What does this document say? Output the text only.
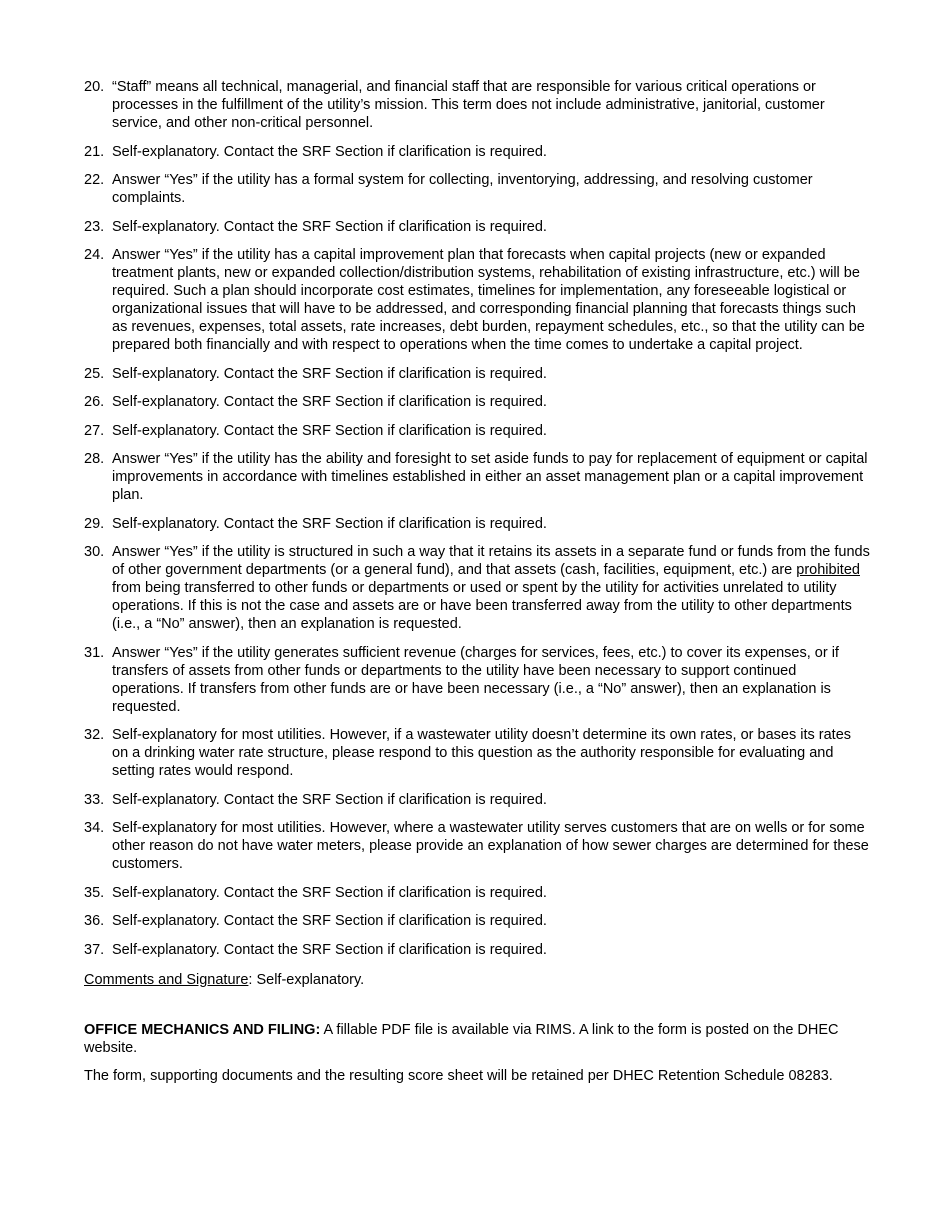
20. “Staff” means all technical, managerial, and financial staff that are responsible for various critical operations or processes in the fulfillment of the utility’s mission. This term does not include administrative, janitorial, customer service, and other non-critical personnel.
21. Self-explanatory. Contact the SRF Section if clarification is required.
22. Answer “Yes” if the utility has a formal system for collecting, inventorying, addressing, and resolving customer complaints.
23. Self-explanatory. Contact the SRF Section if clarification is required.
24. Answer “Yes” if the utility has a capital improvement plan that forecasts when capital projects (new or expanded treatment plants, new or expanded collection/distribution systems, rehabilitation of existing infrastructure, etc.) will be required. Such a plan should incorporate cost estimates, timelines for implementation, any foreseeable logistical or organizational issues that will have to be addressed, and corresponding financial planning that forecasts things such as revenues, expenses, total assets, rate increases, debt burden, repayment schedules, etc., so that the utility can be prepared both financially and with respect to operations when the time comes to undertake a capital project.
25. Self-explanatory. Contact the SRF Section if clarification is required.
26. Self-explanatory. Contact the SRF Section if clarification is required.
27. Self-explanatory. Contact the SRF Section if clarification is required.
28. Answer “Yes” if the utility has the ability and foresight to set aside funds to pay for replacement of equipment or capital improvements in accordance with timelines established in either an asset management plan or a capital improvement plan.
29. Self-explanatory. Contact the SRF Section if clarification is required.
30. Answer “Yes” if the utility is structured in such a way that it retains its assets in a separate fund or funds from the funds of other government departments (or a general fund), and that assets (cash, facilities, equipment, etc.) are prohibited from being transferred to other funds or departments or used or spent by the utility for activities unrelated to utility operations. If this is not the case and assets are or have been transferred away from the utility to other departments (i.e., a “No” answer), then an explanation is requested.
31. Answer “Yes” if the utility generates sufficient revenue (charges for services, fees, etc.) to cover its expenses, or if transfers of assets from other funds or departments to the utility have been necessary to support continued operations. If transfers from other funds are or have been necessary (i.e., a “No” answer), then an explanation is requested.
32. Self-explanatory for most utilities. However, if a wastewater utility doesn’t determine its own rates, or bases its rates on a drinking water rate structure, please respond to this question as the authority responsible for evaluating and setting rates would respond.
33. Self-explanatory. Contact the SRF Section if clarification is required.
34. Self-explanatory for most utilities. However, where a wastewater utility serves customers that are on wells or for some other reason do not have water meters, please provide an explanation of how sewer charges are determined for these customers.
35. Self-explanatory. Contact the SRF Section if clarification is required.
36. Self-explanatory. Contact the SRF Section if clarification is required.
37. Self-explanatory. Contact the SRF Section if clarification is required.

Comments and Signature: Self-explanatory.

OFFICE MECHANICS AND FILING: A fillable PDF file is available via RIMS. A link to the form is posted on the DHEC website.

The form, supporting documents and the resulting score sheet will be retained per DHEC Retention Schedule 08283.
